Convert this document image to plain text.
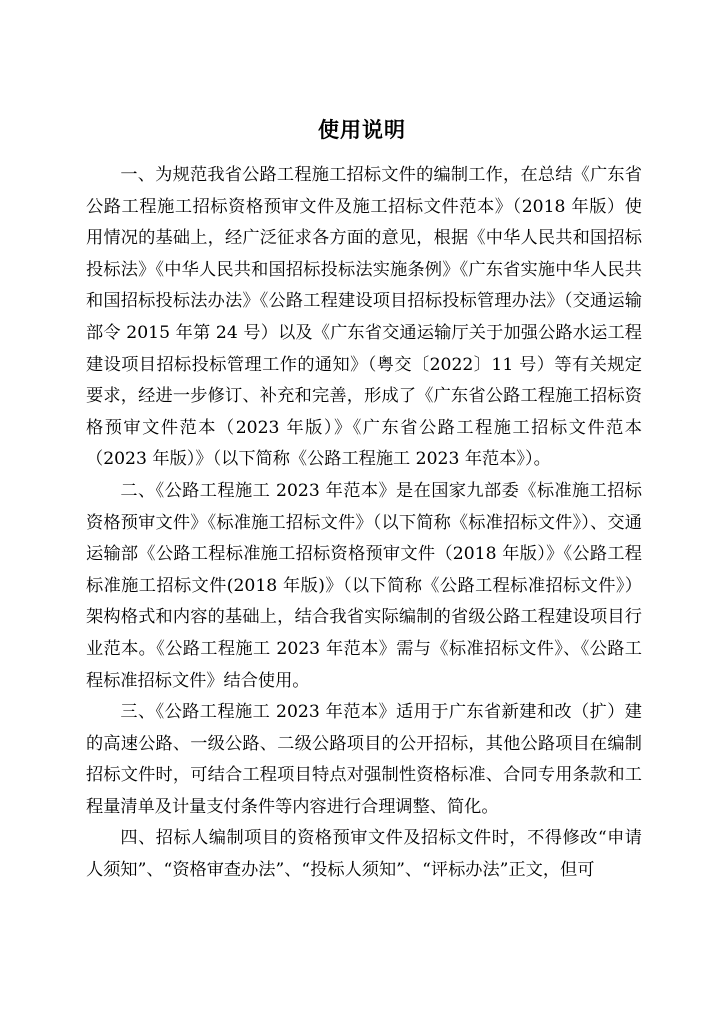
使用说明

一、为规范我省公路工程施工招标文件的编制工作，在总结《广东省公路工程施工招标资格预审文件及施工招标文件范本》（2018 年版）使用情况的基础上，经广泛征求各方面的意见，根据《中华人民共和国招标投标法》《中华人民共和国招标投标法实施条例》《广东省实施中华人民共和国招标投标法办法》《公路工程建设项目招标投标管理办法》（交通运输部令 2015 年第 24 号）以及《广东省交通运输厅关于加强公路水运工程建设项目招标投标管理工作的通知》（粤交〔2022〕11 号）等有关规定要求，经进一步修订、补充和完善，形成了《广东省公路工程施工招标资格预审文件范本（2023 年版）》《广东省公路工程施工招标文件范本（2023 年版）》（以下简称《公路工程施工 2023 年范本》）。

二、《公路工程施工 2023 年范本》是在国家九部委《标准施工招标资格预审文件》《标准施工招标文件》（以下简称《标准招标文件》）、交通运输部《公路工程标准施工招标资格预审文件（2018 年版）》《公路工程标准施工招标文件(2018 年版)》（以下简称《公路工程标准招标文件》）架构格式和内容的基础上，结合我省实际编制的省级公路工程建设项目行业范本。《公路工程施工 2023 年范本》需与《标准招标文件》、《公路工程标准招标文件》结合使用。

三、《公路工程施工 2023 年范本》适用于广东省新建和改（扩）建的高速公路、一级公路、二级公路项目的公开招标，其他公路项目在编制招标文件时，可结合工程项目特点对强制性资格标准、合同专用条款和工程量清单及计量支付条件等内容进行合理调整、简化。

四、招标人编制项目的资格预审文件及招标文件时，不得修改“申请人须知”、“资格审查办法”、“投标人须知”、“评标办法”正文，但可
